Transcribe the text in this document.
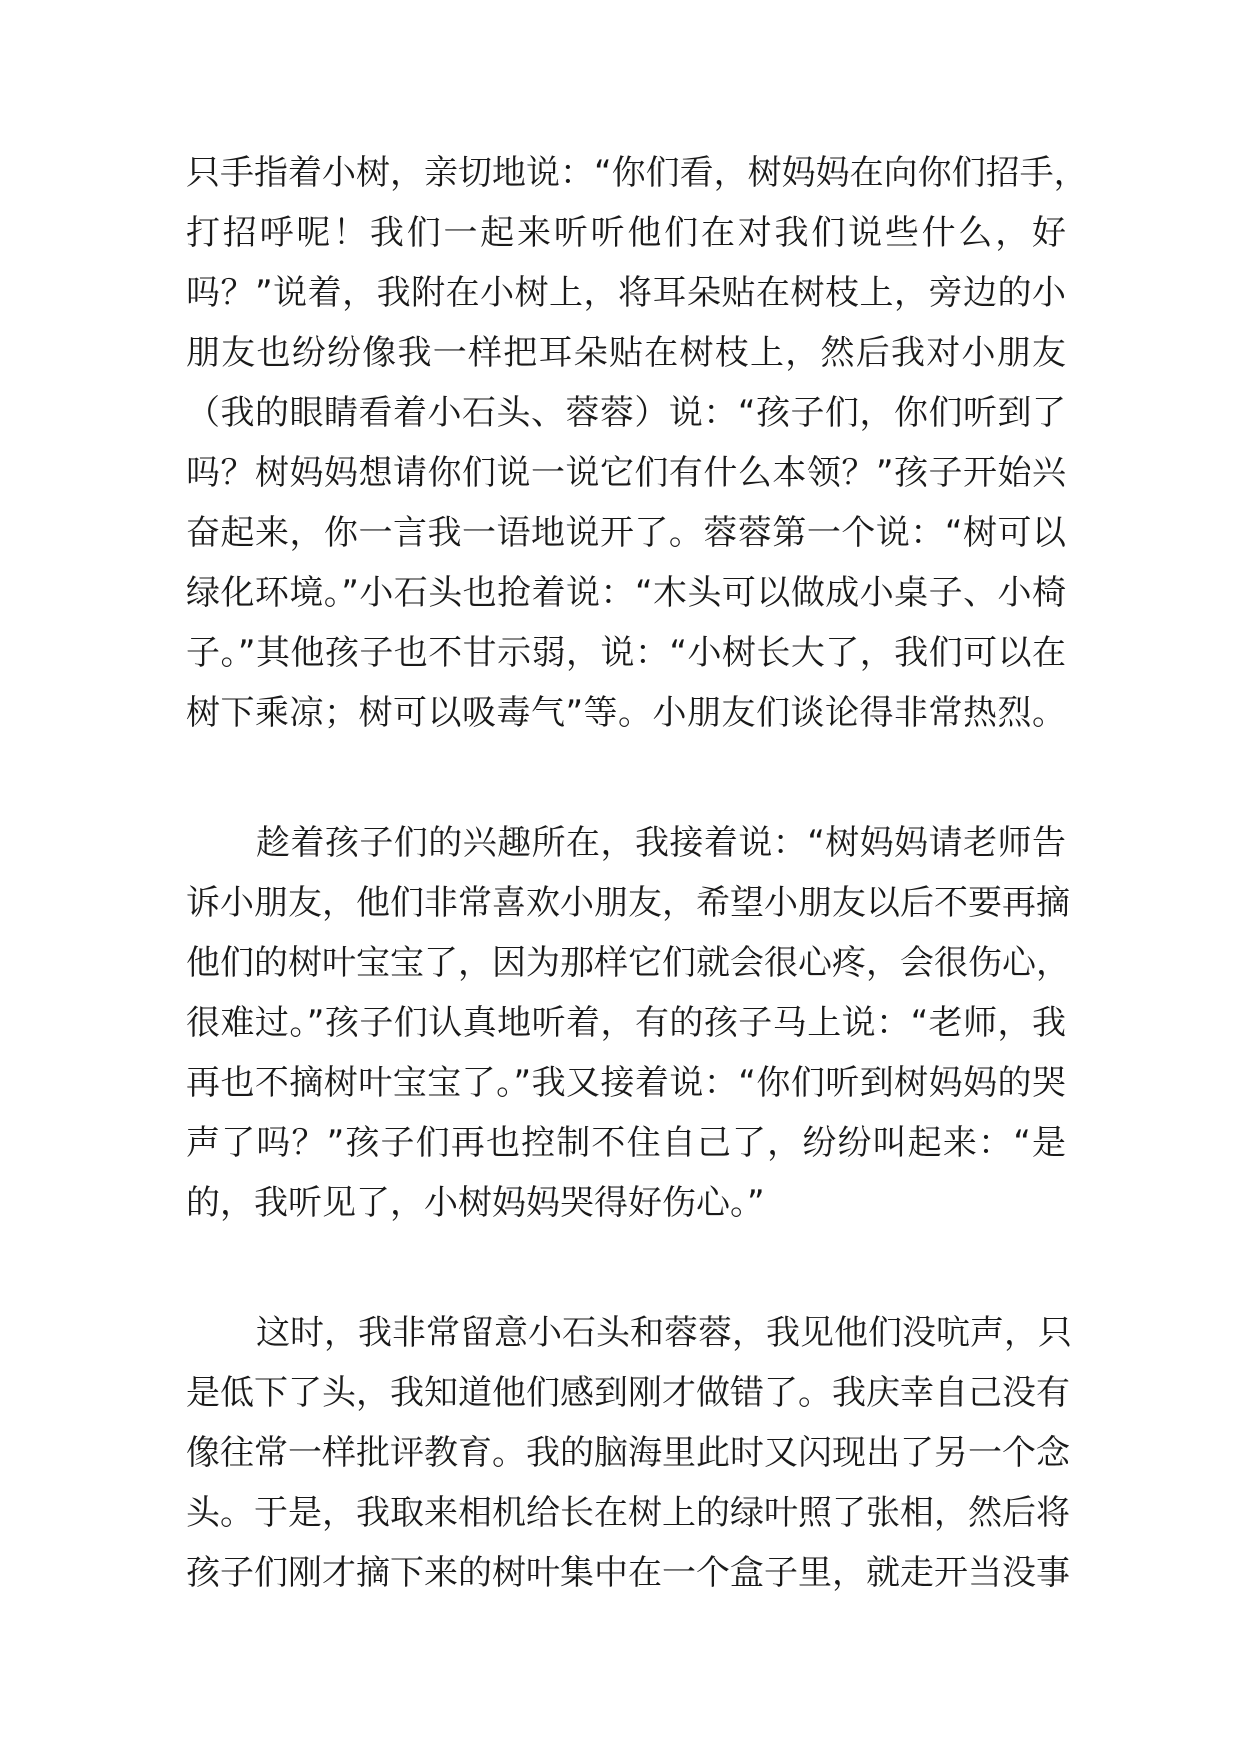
只手指着小树，亲切地说：“你们看，树妈妈在向你们招手，

打招呼呢！我们一起来听听他们在对我们说些什么，好

吗？”说着，我附在小树上，将耳朵贴在树枝上，旁边的小

朋友也纷纷像我一样把耳朵贴在树枝上，然后我对小朋友

（我的眼睛看着小石头、蓉蓉）说：“孩子们，你们听到了

吗？树妈妈想请你们说一说它们有什么本领？”孩子开始兴

奋起来，你一言我一语地说开了。蓉蓉第一个说：“树可以

绿化环境。”小石头也抢着说：“木头可以做成小桌子、小椅

子。”其他孩子也不甘示弱，说：“小树长大了，我们可以在

树下乘凉；树可以吸毒气”等。小朋友们谈论得非常热烈。

趁着孩子们的兴趣所在，我接着说：“树妈妈请老师告

诉小朋友，他们非常喜欢小朋友，希望小朋友以后不要再摘

他们的树叶宝宝了，因为那样它们就会很心疼，会很伤心，

很难过。”孩子们认真地听着，有的孩子马上说：“老师，我

再也不摘树叶宝宝了。”我又接着说：“你们听到树妈妈的哭

声了吗？”孩子们再也控制不住自己了，纷纷叫起来：“是

的，我听见了，小树妈妈哭得好伤心。”

这时，我非常留意小石头和蓉蓉，我见他们没吭声，只

是低下了头，我知道他们感到刚才做错了。我庆幸自己没有

像往常一样批评教育。我的脑海里此时又闪现出了另一个念

头。于是，我取来相机给长在树上的绿叶照了张相，然后将

孩子们刚才摘下来的树叶集中在一个盒子里，就走开当没事
